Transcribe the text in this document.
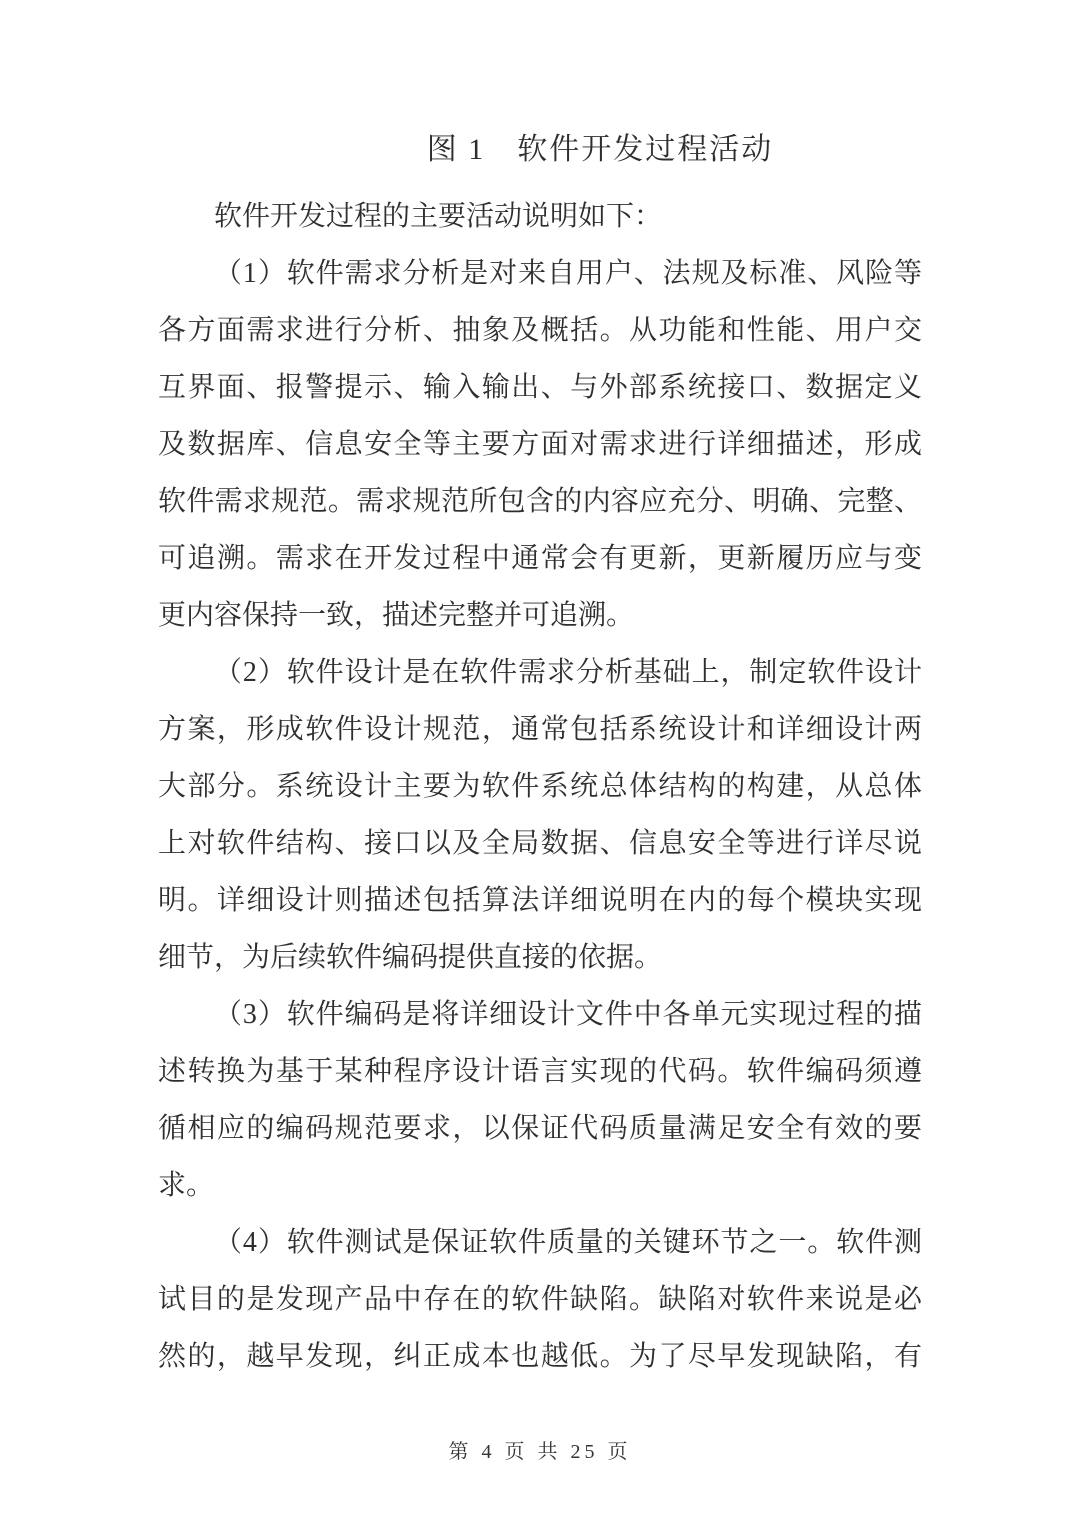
图 1　软件开发过程活动
软件开发过程的主要活动说明如下：
（1）软件需求分析是对来自用户、法规及标准、风险等
各方面需求进行分析、抽象及概括。从功能和性能、用户交
互界面、报警提示、输入输出、与外部系统接口、数据定义
及数据库、信息安全等主要方面对需求进行详细描述，形成
软件需求规范。需求规范所包含的内容应充分、明确、完整、
可追溯。需求在开发过程中通常会有更新，更新履历应与变
更内容保持一致，描述完整并可追溯。
（2）软件设计是在软件需求分析基础上，制定软件设计
方案，形成软件设计规范，通常包括系统设计和详细设计两
大部分。系统设计主要为软件系统总体结构的构建，从总体
上对软件结构、接口以及全局数据、信息安全等进行详尽说
明。详细设计则描述包括算法详细说明在内的每个模块实现
细节，为后续软件编码提供直接的依据。
（3）软件编码是将详细设计文件中各单元实现过程的描
述转换为基于某种程序设计语言实现的代码。软件编码须遵
循相应的编码规范要求，以保证代码质量满足安全有效的要
求。
（4）软件测试是保证软件质量的关键环节之一。软件测
试目的是发现产品中存在的软件缺陷。缺陷对软件来说是必
然的，越早发现，纠正成本也越低。为了尽早发现缺陷，有
第 4 页 共 25 页
